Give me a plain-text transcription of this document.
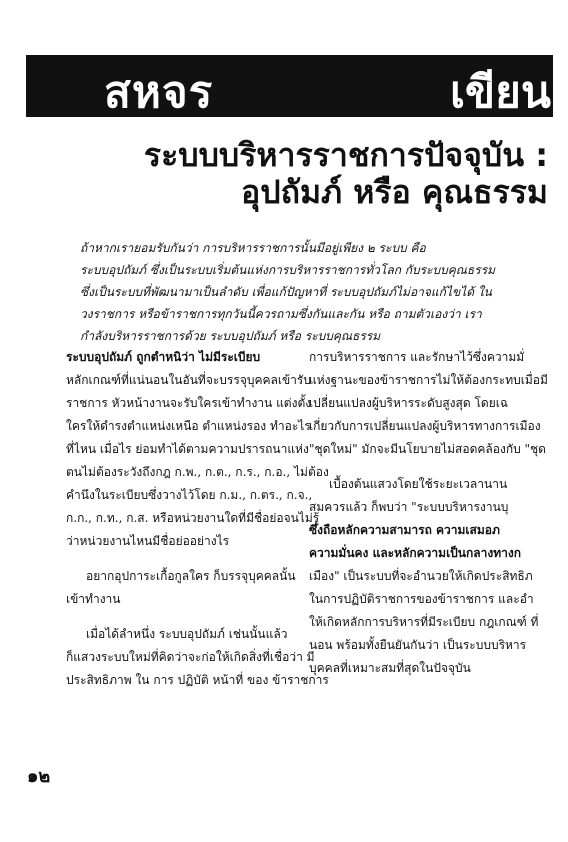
สหจร	เขียน
ระบบบริหารราชการปัจจุบัน :
อุปถัมภ์ หรือ คุณธรรม

ถ้าหากเรายอมรับกันว่า การบริหารราชการนั้นมีอยู่เพียง ๒ ระบบ คือ

ระบบอุปถัมภ์ ซึ่งเป็นระบบเริ่มต้นแห่งการบริหารราชการทั่วโลก กับระบบคุณธรรม

ซึ่งเป็นระบบที่พัฒนามาเป็นลำดับ เพื่อแก้ปัญหาที่ ระบบอุปถัมภ์ไม่อาจแก้ไขได้ ใน

วงราชการ หรือข้าราชการทุกวันนี้ควรถามซึ่งกันและกัน หรือ ถามตัวเองว่า เรา

กำลังบริหารราชการด้วย ระบบอุปถัมภ์ หรือ ระบบคุณธรรม

ระบบอุปถัมภ์ ถูกตำหนิว่า ไม่มีระเบียบ

หลักเกณฑ์ที่แน่นอนในอันที่จะบรรจุบุคคลเข้ารับ

ราชการ หัวหน้างานจะรับใครเข้าทำงาน แต่งตั้ง

ใครให้ดำรงตำแหน่งเหนือ ตำแหน่งรอง ทำอะไร

ที่ไหน เมื่อไร ย่อมทำได้ตามความปรารถนาแห่ง

ตนไม่ต้องระวังถึงกฎ ก.พ., ก.ต., ก.ร., ก.อ., ไม่ต้อง

คำนึงในระเบียบซึ่งวางไว้โดย ก.ม., ก.ตร., ก.จ.,

ก.ก., ก.ท., ก.ส. หรือหน่วยงานใดที่มีชื่อย่อจนไม่รู้

ว่าหน่วยงานไหนมีชื่อย่ออย่างไร

อยากอุปการะเกื้อกูลใคร ก็บรรจุบุคคลนั้น

เข้าทำงาน

เมื่อได้ลำหนึ่ง ระบบอุปถัมภ์ เช่นนั้นแล้ว

ก็แสวงระบบใหม่ที่คิดว่าจะก่อให้เกิดสิ่งที่เชื่อว่า มี

ประสิทธิภาพ ใน การ ปฏิบัติ หน้าที่ ของ ข้าราชการ

การบริหารราชการ และรักษาไว้ซึ่งความมั่

แห่งฐานะของข้าราชการไม่ให้ต้องกระทบเมื่อมี

เปลี่ยนแปลงผู้บริหารระดับสูงสุด โดยเฉ

เกี่ยวกับการเปลี่ยนแปลงผู้บริหารทางการเมือง

"ชุดใหม่" มักจะมีนโยบายไม่สอดคล้องกับ "ชุด

เบื้องต้นแสวงโดยใช้ระยะเวลานาน

สมควรแล้ว ก็พบว่า "ระบบบริหารงานบุ

ซึ่งถือหลักความสามารถ ความเสมอภ

ความมั่นคง และหลักความเป็นกลางทางก

เมือง" เป็นระบบที่จะอำนวยให้เกิดประสิทธิภ

ในการปฏิบัติราชการของข้าราชการ และอำ

ให้เกิดหลักการบริหารที่มีระเบียบ กฎเกณฑ์ ที่

นอน พร้อมทั้งยืนยันกันว่า เป็นระบบบริหาร

บุคคลที่เหมาะสมที่สุดในปัจจุบัน

๑๒
